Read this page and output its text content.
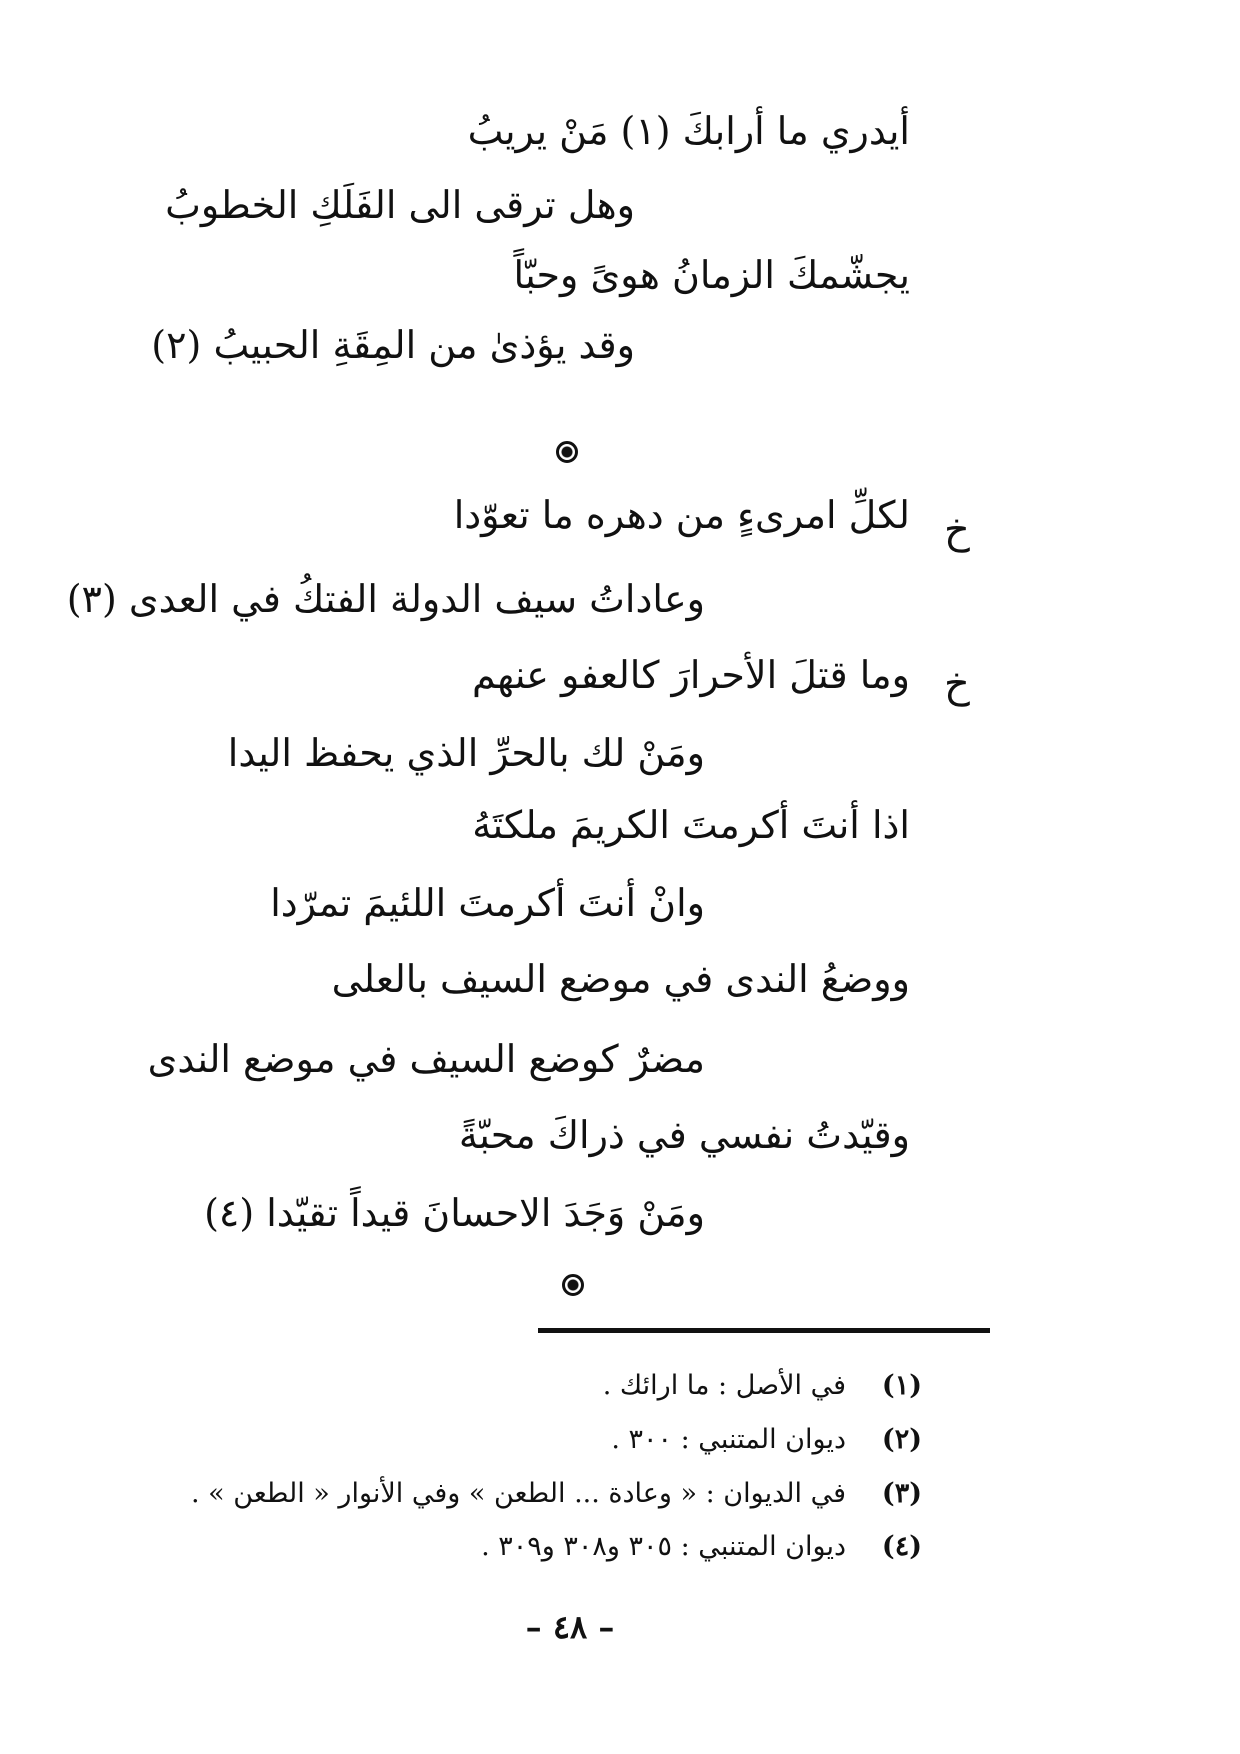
أيدري ما أرابكَ (١) مَنْ يريبُ
وهل ترقى الى الفَلَكِ الخطوبُ
يجشّمكَ الزمانُ هوىً وحبّاً
وقد يؤذىٰ من المِقَةِ الحبيبُ (٢)
خ
لكلِّ امرىءٍ من دهره ما تعوّدا
وعاداتُ سيف الدولة الفتكُ في العدى (٣)
خ
وما قتلَ الأحرارَ كالعفو عنهم
ومَنْ لك بالحرِّ الذي يحفظ اليدا
اذا أنتَ أكرمتَ الكريمَ ملكتَهُ
وانْ أنتَ أكرمتَ اللئيمَ تمرّدا
ووضعُ الندى في موضع السيف بالعلى
مضرٌ كوضع السيف في موضع الندى
وقيّدتُ نفسي في ذراكَ محبّةً
ومَنْ وَجَدَ الاحسانَ قيداً تقيّدا (٤)
(١)في الأصل : ما ارائك .
(٢)ديوان المتنبي : ٣٠٠ .
(٣)في الديوان : « وعادة ... الطعن » وفي الأنوار « الطعن » .
(٤)ديوان المتنبي : ٣٠٥ و٣٠٨ و٣٠٩ .
– ٤٨ –
